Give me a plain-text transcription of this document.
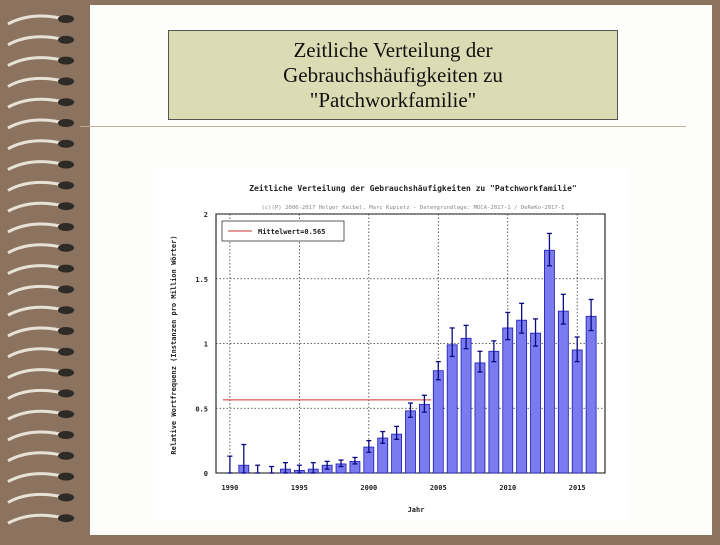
Zeitliche Verteilung der
Gebrauchshäufigkeiten zu
"Patchworkfamilie"
Zeitliche Verteilung der Gebrauchshäufigkeiten zu "Patchworkfamilie"
(c)(P) 2006-2017 Holger Keibel, Marc Kupietz - Datengrundlage: MOCA-2017-1 / DeReKo-2017-I
Relative Wortfrequenz (Instanzen pro Million Wörter)
Jahr
0
0.5
1
1.5
2
1990	1995	2000	2005	2010	2015
Mittelwert=0.565
